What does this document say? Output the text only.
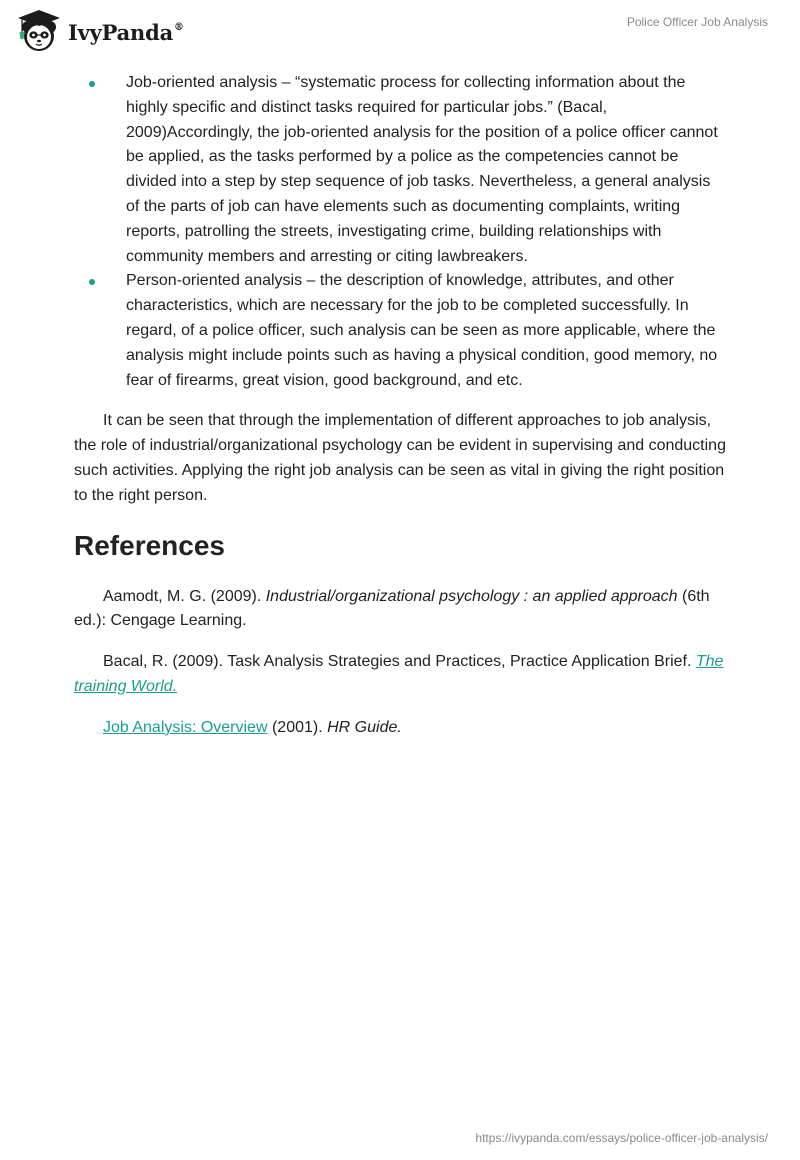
IvyPanda®	Police Officer Job Analysis
Job-oriented analysis – “systematic process for collecting information about the highly specific and distinct tasks required for particular jobs.” (Bacal, 2009)Accordingly, the job-oriented analysis for the position of a police officer cannot be applied, as the tasks performed by a police as the competencies cannot be divided into a step by step sequence of job tasks. Nevertheless, a general analysis of the parts of job can have elements such as documenting complaints, writing reports, patrolling the streets, investigating crime, building relationships with community members and arresting or citing lawbreakers.
Person-oriented analysis – the description of knowledge, attributes, and other characteristics, which are necessary for the job to be completed successfully. In regard, of a police officer, such analysis can be seen as more applicable, where the analysis might include points such as having a physical condition, good memory, no fear of firearms, great vision, good background, and etc.

It can be seen that through the implementation of different approaches to job analysis, the role of industrial/organizational psychology can be evident in supervising and conducting such activities. Applying the right job analysis can be seen as vital in giving the right position to the right person.

References

Aamodt, M. G. (2009). Industrial/organizational psychology : an applied approach (6th ed.): Cengage Learning.

Bacal, R. (2009). Task Analysis Strategies and Practices, Practice Application Brief. The training World.

Job Analysis: Overview (2001). HR Guide.

https://ivypanda.com/essays/police-officer-job-analysis/
